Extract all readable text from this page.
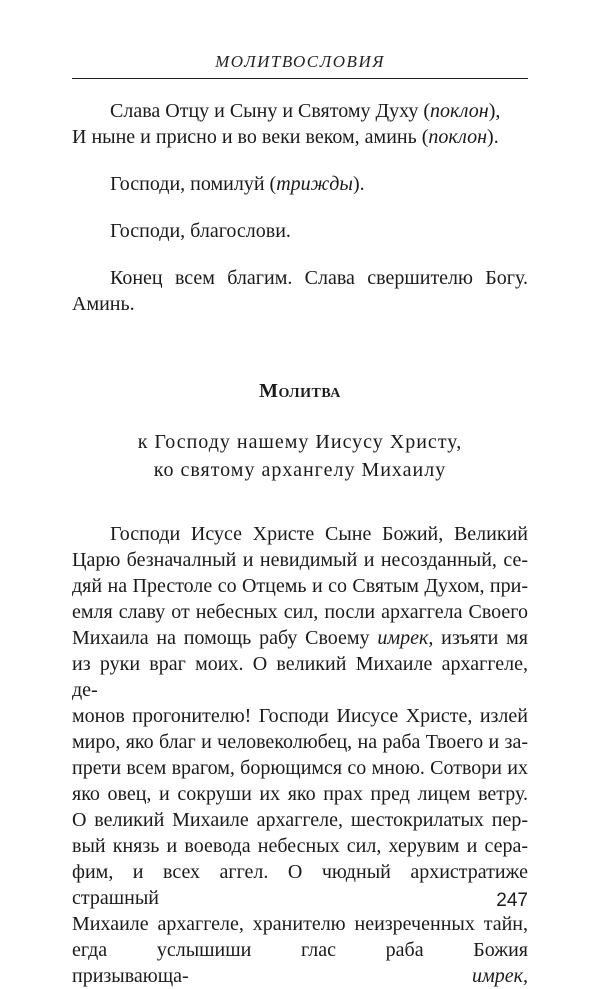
МОЛИТВОСЛОВИЯ
Слава Отцу и Сыну и Святому Духу (поклон),
И ныне и присно и во веки веком, аминь (поклон).
Господи, помилуй (трижды).
Господи, благослови.
Конец всем благим. Слава свершителю Богу.
Аминь.
Молитва
к Господу нашему Иисусу Христу,
ко святому архангелу Михаилу
Господи Исусе Христе Сыне Божий, Великий
Царю безначалный и невидимый и несозданный, се-
дяй на Престоле со Отцемь и со Святым Духом, при-
емля славу от небесных сил, посли архаггела Своего
Михаила на помощь рабу Своему имрек, изъяти мя
из руки враг моих. О великий Михаиле архаггеле, де-
монов прогонителю! Господи Иисусе Христе, излей
миро, яко благ и человеколюбец, на раба Твоего и за-
прети всем врагом, борющимся со мною. Сотвори их
яко овец, и сокруши их яко прах пред лицем ветру.
О великий Михаиле архаггеле, шестокрилатых пер-
вый князь и воевода небесных сил, херувим и сера-
фим, и всех аггел. О чюдный архистратиже страшный
Михаиле архаггеле, хранителю неизреченных тайн,
егда услышиши глас раба Божия
призывающа-	имрек,
247
